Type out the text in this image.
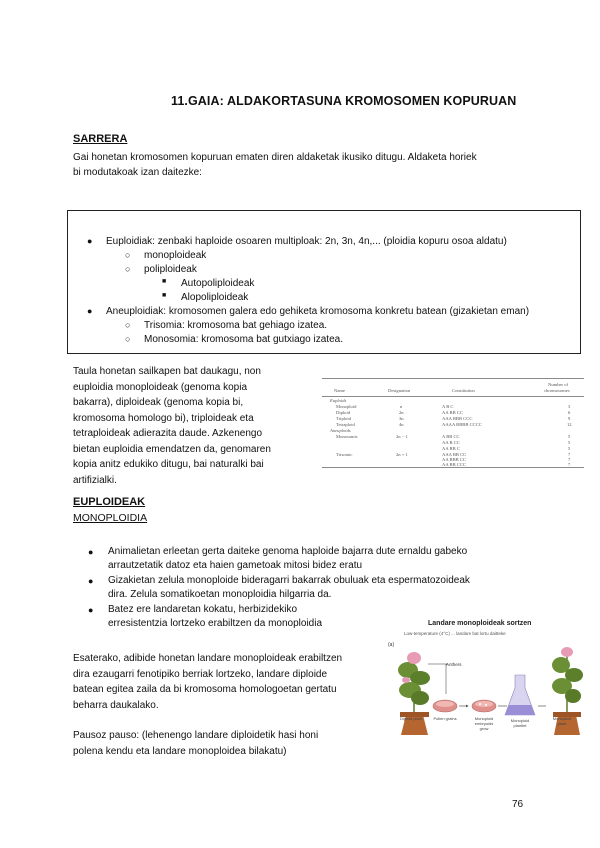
11.GAIA: ALDAKORTASUNA KROMOSOMEN KOPURUAN
SARRERA
Gai honetan kromosomen kopuruan ematen diren aldaketak ikusiko ditugu. Aldaketa horiek
bi modutakoak izan daitezke:
● Euploidiak: zenbaki haploide osoaren multiploak: 2n, 3n, 4n,... (ploidia kopuru osoa aldatu)
○ monoploideak
○ poliploideak
■ Autopoliploideak
■ Alopoliploideak
● Aneuploidiak: kromosomen galera edo gehiketa kromosoma konkretu batean (gizakietan eman)
○ Trisomia: kromosoma bat gehiago izatea.
○ Monosomia: kromosoma bat gutxiago izatea.
Taula honetan sailkapen bat daukagu, non
euploidia monoploideak (genoma kopia
bakarra), diploideak (genoma kopia bi,
kromosoma homologo bi), triploideak eta
tetraploideak adierazita daude. Azkenengo
bietan euploidia emendatzen da, genomaren
kopia anitz edukiko ditugu, bai naturalki bai
artifizialki.
Name	Designation	Constitution
Number of
chromosomes
Euploids
Monoploid	n	A B C	3
Diploid	2n	AA BB CC	6
Triploid	3n	AAA BBB CCC	9
Tetraploid	4n	AAAA BBBB CCCC	12
Aneuploids
Monosomic	2n − 1	A BB CC	5
AA B CC	5
AA BB C	5
Trisomic	2n + 1	AAA BB CC	7
AA BBB CC	7
AA BB CCC	7
EUPLOIDEAK
MONOPLOIDIA
● Animalietan erleetan gerta daiteke genoma haploide bajarra dute ernaldu gabeko
arrautzetatik datoz eta haien gametoak mitosi bidez eratu
● Gizakietan zelula monoploide bideragarri bakarrak obuluak eta espermatozoideak
dira. Zelula somatikoetan monoploidia hilgarria da.
● Batez ere landaretan kokatu, herbizidekiko
erresistentzia lortzeko erabiltzen da monoploidia
Esaterako, adibide honetan landare monoploideak erabiltzen
dira ezaugarri fenotipiko berriak lortzeko, landare diploide
batean egitea zaila da bi kromosoma homologoetan gertatu
beharra daukalako.
Pausoz pauso: (lehenengo landare diploidetik hasi honi
polena kendu eta landare monoploidea bilakatu)
Landare monoploideak sortzen
Low-temperature (4°C) ... landare bat lortu daitteke
(a)
Anthers
Diploid plant	Pollen grains	Monoploid embryoids grow
Monoploid plantlet
Monoploid plant
76
